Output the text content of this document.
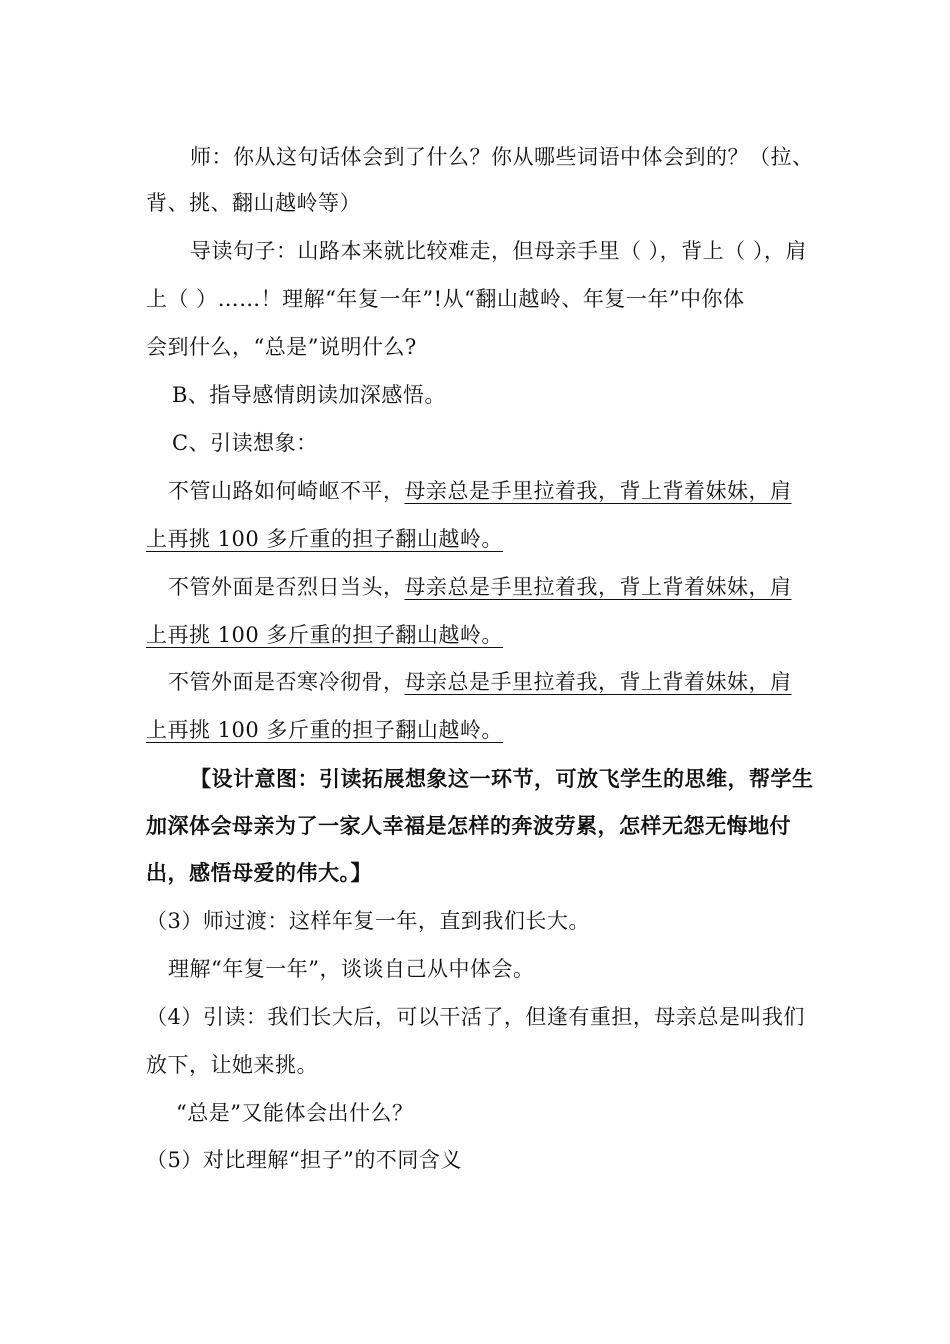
师：你从这句话体会到了什么？你从哪些词语中体会到的？（拉、
背、挑、翻山越岭等）
导读句子：山路本来就比较难走，但母亲手里（ ），背上（ ），肩
上（ ）……！理解“年复一年”!从“翻山越岭、年复一年”中你体
会到什么，“总是”说明什么?
B、指导感情朗读加深感悟。
C、引读想象：
不管山路如何崎岖不平，母亲总是手里拉着我，背上背着妹妹，肩
上再挑 100 多斤重的担子翻山越岭。
不管外面是否烈日当头，母亲总是手里拉着我，背上背着妹妹，肩
上再挑 100 多斤重的担子翻山越岭。
不管外面是否寒冷彻骨，母亲总是手里拉着我，背上背着妹妹，肩
上再挑 100 多斤重的担子翻山越岭。
【设计意图：引读拓展想象这一环节，可放飞学生的思维，帮学生
加深体会母亲为了一家人幸福是怎样的奔波劳累，怎样无怨无悔地付
出，感悟母爱的伟大。】
（3）师过渡：这样年复一年，直到我们长大。
理解“年复一年”，谈谈自己从中体会。
（4）引读：我们长大后，可以干活了，但逢有重担，母亲总是叫我们
放下，让她来挑。
“总是”又能体会出什么？
（5）对比理解“担子”的不同含义
